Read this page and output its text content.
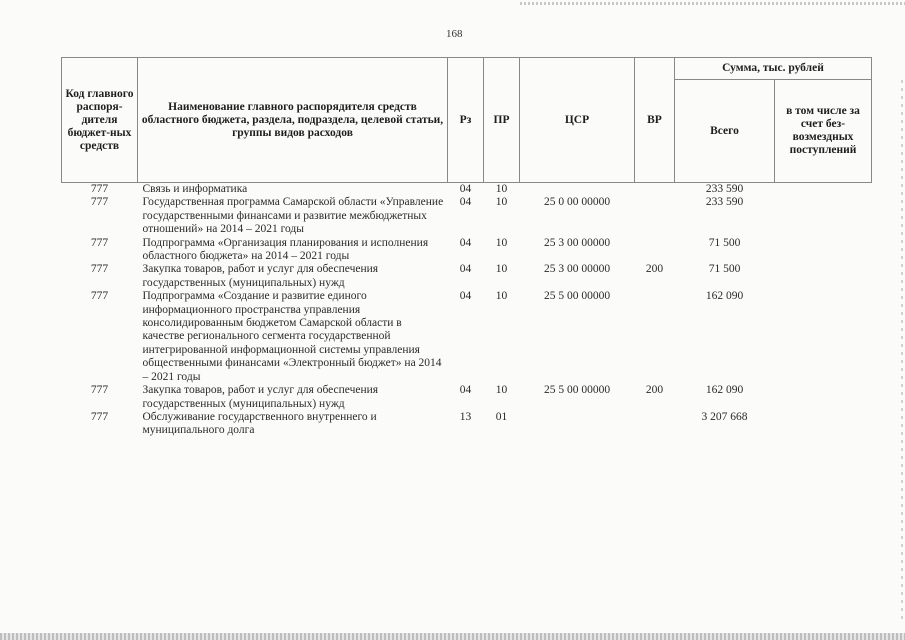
168
Код главного распоря-дителя бюджет-ных средств	Наименование главного распорядителя средств областного бюджета, раздела, подраздела, целевой статьи, группы видов расходов	Рз	ПР	ЦСР	ВР	Сумма, тыс. рублей	
						Всего	в том числе за счет без-возмездных поступлений
777	Связь и информатика	04	10			233 590	
777	Государственная программа Самарской области «Управление государственными финансами и развитие межбюджетных отношений» на 2014 – 2021 годы	04	10	25 0 00 00000		233 590	
777	Подпрограмма «Организация планирования и исполнения областного бюджета» на 2014 – 2021 годы	04	10	25 3 00 00000		71 500	
777	Закупка товаров, работ и услуг для обеспечения государственных (муниципальных) нужд	04	10	25 3 00 00000	200	71 500	
777	Подпрограмма «Создание и развитие единого информационного пространства управления консолидированным бюджетом Самарской области в качестве регионального сегмента государственной интегрированной информационной системы управления общественными финансами «Электронный бюджет» на 2014 – 2021 годы	04	10	25 5 00 00000		162 090	
777	Закупка товаров, работ и услуг для обеспечения государственных (муниципальных) нужд	04	10	25 5 00 00000	200	162 090	
777	Обслуживание государственного внутреннего и муниципального долга	13	01			3 207 668	
